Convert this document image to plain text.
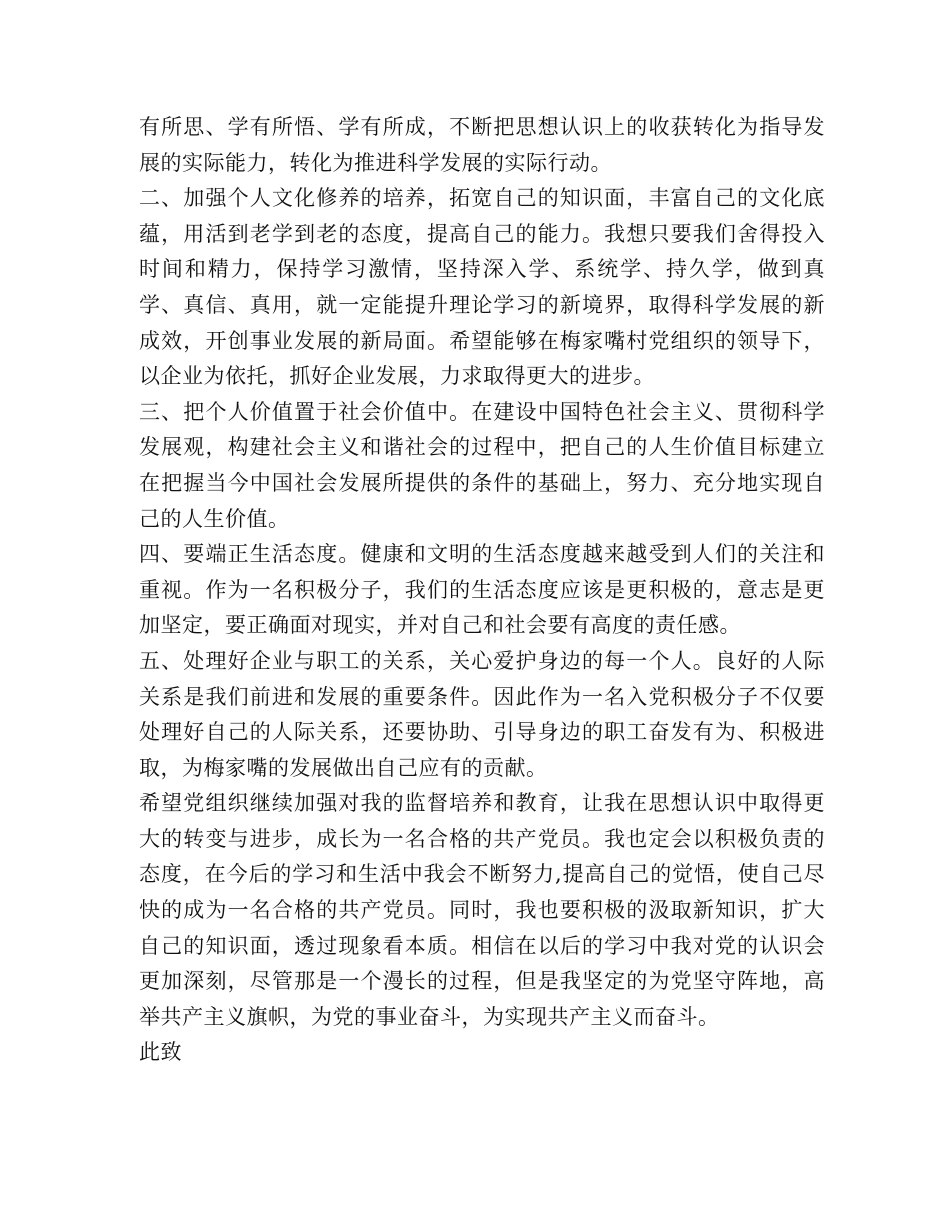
有所思、学有所悟、学有所成，不断把思想认识上的收获转化为指导发展的实际能力，转化为推进科学发展的实际行动。

二、加强个人文化修养的培养，拓宽自己的知识面，丰富自己的文化底蕴，用活到老学到老的态度，提高自己的能力。我想只要我们舍得投入时间和精力，保持学习激情，坚持深入学、系统学、持久学，做到真学、真信、真用，就一定能提升理论学习的新境界，取得科学发展的新成效，开创事业发展的新局面。希望能够在梅家嘴村党组织的领导下，以企业为依托，抓好企业发展，力求取得更大的进步。

三、把个人价值置于社会价值中。在建设中国特色社会主义、贯彻科学发展观，构建社会主义和谐社会的过程中，把自己的人生价值目标建立在把握当今中国社会发展所提供的条件的基础上，努力、充分地实现自己的人生价值。

四、要端正生活态度。健康和文明的生活态度越来越受到人们的关注和重视。作为一名积极分子，我们的生活态度应该是更积极的，意志是更加坚定，要正确面对现实，并对自己和社会要有高度的责任感。

五、处理好企业与职工的关系，关心爱护身边的每一个人。良好的人际关系是我们前进和发展的重要条件。因此作为一名入党积极分子不仅要处理好自己的人际关系，还要协助、引导身边的职工奋发有为、积极进取，为梅家嘴的发展做出自己应有的贡献。

希望党组织继续加强对我的监督培养和教育，让我在思想认识中取得更大的转变与进步，成长为一名合格的共产党员。我也定会以积极负责的态度，在今后的学习和生活中我会不断努力,提高自己的觉悟，使自己尽快的成为一名合格的共产党员。同时，我也要积极的汲取新知识，扩大自己的知识面，透过现象看本质。相信在以后的学习中我对党的认识会更加深刻，尽管那是一个漫长的过程，但是我坚定的为党坚守阵地，高举共产主义旗帜，为党的事业奋斗，为实现共产主义而奋斗。

此致
